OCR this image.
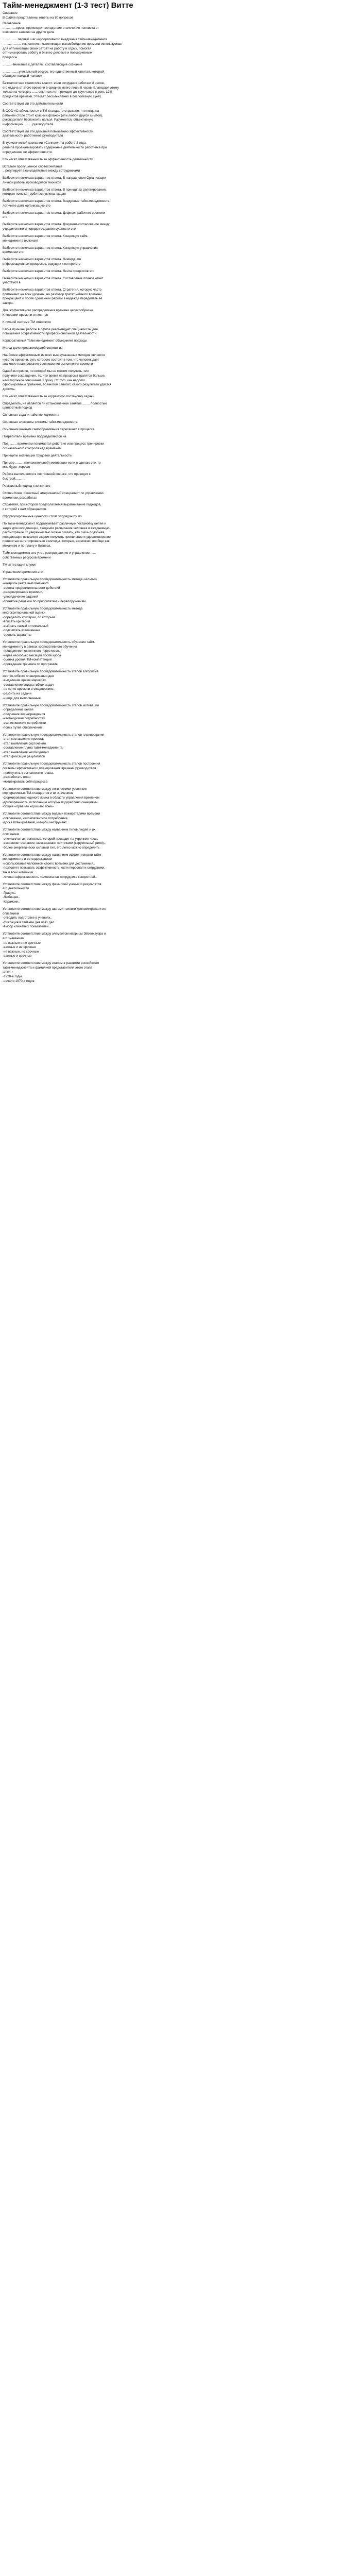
Тайм-менеджмент (1-3 тест) Витте

Описание

В файле представлены ответы на 80 вопросов

Оглавление

...............время происходит вследствие отвлечения человека от
основного занятия на другие дела

................ первый шаг корпоративного внедрения тайм-менеджмента
- ..................-технология, позволяющая высвобождения времени используемая
для оптимизации своих затрат на работу и отдых, помогая
оптимизировать работу и бизнес-деловые и повседневные
процессы

..........-внимание к деталям, составляющие сознание

..................уникальный ресурс, его единственный капитал, который
обладает каждый человек

Безжалостная статистика гласит: если сотрудник работает 8 часов,
его отдача от этого времени в среднем всего лишь 8 часов. Благодаря этому
только на четверть ...... опытных лет проходят до двух часов в день-12%
процентов времени. Утекает бессмысленно в бесполезную суету.

Соответствует ли это действительности

В ООО «Стабильность» в ТМ-стандарте отражено, что когда на
рабочем столе стоит красный флажок (или любой другой символ),
руководителя беспокоить нельзя. Разумеется, объективную
информацию ......... руководителя.

Соответствует ли эти действия повышению эффективности
деятельности работников руководителя

В туристической компании «Солнце», на работе 2 года,
решила проанализировать содержание деятельности работника при
определении ее эффективности.

Кто несет ответственность за эффективность деятельности

Вставьте пропущенное словосочетание
...регулирует взаимодействие между сотрудниками

Выберите несколько вариантов ответа. В направлении Организации
личной работы производится техникой

Выберите несколько вариантов ответа. В принципах делегирования,
которые поможет добиться успеха, входят

Выберите несколько вариантов ответа. Внедрение тайм-менеджмента,
логичнее даёт организацию это

Выберите несколько вариантов ответа. Дефицит рабочего времени-
это

Выберите несколько вариантов ответа. Документ-согласование между
учредителями и порядок создания сущности это

Выберите несколько вариантов ответа. Концепция тайм-
менеджмента включает

Выберите несколько вариантов ответа. Концепция управления
временем это

Выберите несколько вариантов ответа. Ликвидация
информационных процессов, ведущих к потере это

Выберите несколько вариантов ответа. Лента процессов это

Выберите несколько вариантов ответа. Составление планов отчет
участвуют в

Выберите несколько вариантов ответа. Стратегия, которую часто
применяют на всех уровнях, на разговор тратят немного времени,
прекращают и после сделанной работы в надежде переделать её
завтра.

Для эффективного распределения времени целесообразно
К «ворам» времени относятся

К личной системе ТМ относятся

Какие причины работы в офисе рекомендует специалисты для
повышения эффективности профессиональной деятельности

Корпоративный Тайм менеджмент объединяет подходы

Метод делегирования/целей состоит из

Наиболее эффективным из всех вышеуказанных методов является
чувство времени, суть которого состоит в том, что человек дает
значение планирования соотношения выполнения времени

Одной из причин, по которой мы не можем получить, или
получили сокращение, то, что время на процессы тратятся больше,
неосторожное отношение к сроку. От того, как надолго
сформированы привычки, во многом зависит, какого результата удастся
достичь.

Кто несет ответственность за корректную постановку задачи

Определить, не является ли установленное занятие......... полностью
ценностный подход

Основные задачи тайм-менеджмента

Основные элементы системы тайм-менеджмента

Основным важным самообразования пересекает в процессе

Потребители времени подразделяются на

Под......... временем понимается действие или процесс тренировки
сознательного контроля над временем

Принципы мотивации трудовой деятельности

Пример ..........(положительной) мотивации-если я сделаю это, то
мне будет хорошо

Работа выполняется в постоянной спешке, что приводит к
быстрой...........

Реактивный подход к жизни-это

Стивен Кови, известный американский специалист по управлению
временем, разработал

Стратегия, при которой предполагается выравнивание подходов,
с которой к нам обращаются.

Сформулированные ценности стоят упорядочить по

По тайм-менеджмент подразумевает различную постановку целей и
задач для координации, сведения расписания человека в ежедневную
рассмотрение. С уверенностью можно сказать, что лишь подобная
координация позволяет людям получить проявление и удовлетворение
полностью интегрироваться в методы, которые, возможно, вообще как
механизм и по-плану и бизнеса.

Тайм-менеджмент-это учет, распределение и управление.......
собственных ресурсов времени

ТМ-аттестация служит

Управление временем-это

Установите правильную последовательность метода «Альпы»
-контроль учета выполненного
-оценка продолжительности действий
-резервирование времени,
-упорядочение заданий
-принятие решений по приоритетам и перепоручениям

Установите правильную последовательность метода
многокритериальной оценки
-определить критерии, по которым..
-вписать критерии
-выбрать самый оптимальный
-подсчитать взвешенные
-оценить варианты

Установите правильную последовательность обучения тайм-
менеджменту в рамках корпоративного обучения
-проведение постоянного через месяц,
-через несколько месяцев после курса
-оценка уровня ТМ-компетенций
-проведение тренинга по программе

Установите правильную последовательность этапов алгоритма
жестко-гибкого планирования дня
-выделение время маркерах.
-составление списка гибких задач
-на сетке времени в ежедневнике.
-разбить на задачи
-и еще для выполненные.

Установите правильную последовательность этапов мотивации
-определение целей
-получение вознаграждения
-необходимая потребностей
-возникновение потребности
-поиск путей обеспечения

Установите правильную последовательность этапов планирования
-этап составления проекта,
-этап выявления сорточения
-составление плана тайм-менеджмента
-этап выявления необходимых
-этап фиксации результатов

Установите правильную последовательность этапов построения
системы эффективного планирования времени руководителя
-приступить к выполнению плана.
-разработать план
-мотивировать себя процесса

Установите соответствие между логическими уровнями
корпоративных ТМ-стандартов и их значением
-формирование единого языка в области управления временем
-договоренность, исполнение которых подкреплено санкциями.
-общее «правило хорошего тона»

Установите соответствие между видами пожирателями времени
-отвлечение, некомпетентное потребление
-доска планирования, которой инструмент...

Установите соответствие между названием типов людей и их
описанием
-отличаются активностью, которой проходит на утренние часы,
-сохраняют сознание, высказывают критиками (карусельный ритм)..
-более энергетически сильный тип, его легко можно определить

Установите соответствие между названием эффективности тайм-
менеджмента и ее содержанием
-использование человеком своего времени для достижения..
-позволяет повышать эффективность, если персонал и сотрудники,
так и всей компании...
-личная эффективность человека как сотрудника конкретной..

Установите соответствие между фамилией ученых и результатов
его деятельности
-Грация..
-Любищев..
-Керамзин..

Установите соответствие между шагами техники хронометража и их
описанием
-отводить подготовке в учениях..
-фиксация в течение дня всех дел..
-выбор ключевых показателей...

Установите соответствие между элементом матрицы Эйзенхауэра и
его значением
-не важные и не срочные
-важные и не срочные
-не важные, но срочные
-важные и срочные

Установите соответствие между этапом в развитии российского
тайм-менеджмента и фамилией представителя этого этапа
-2001 г
-1920-е годы
-начало 1970-х годов
